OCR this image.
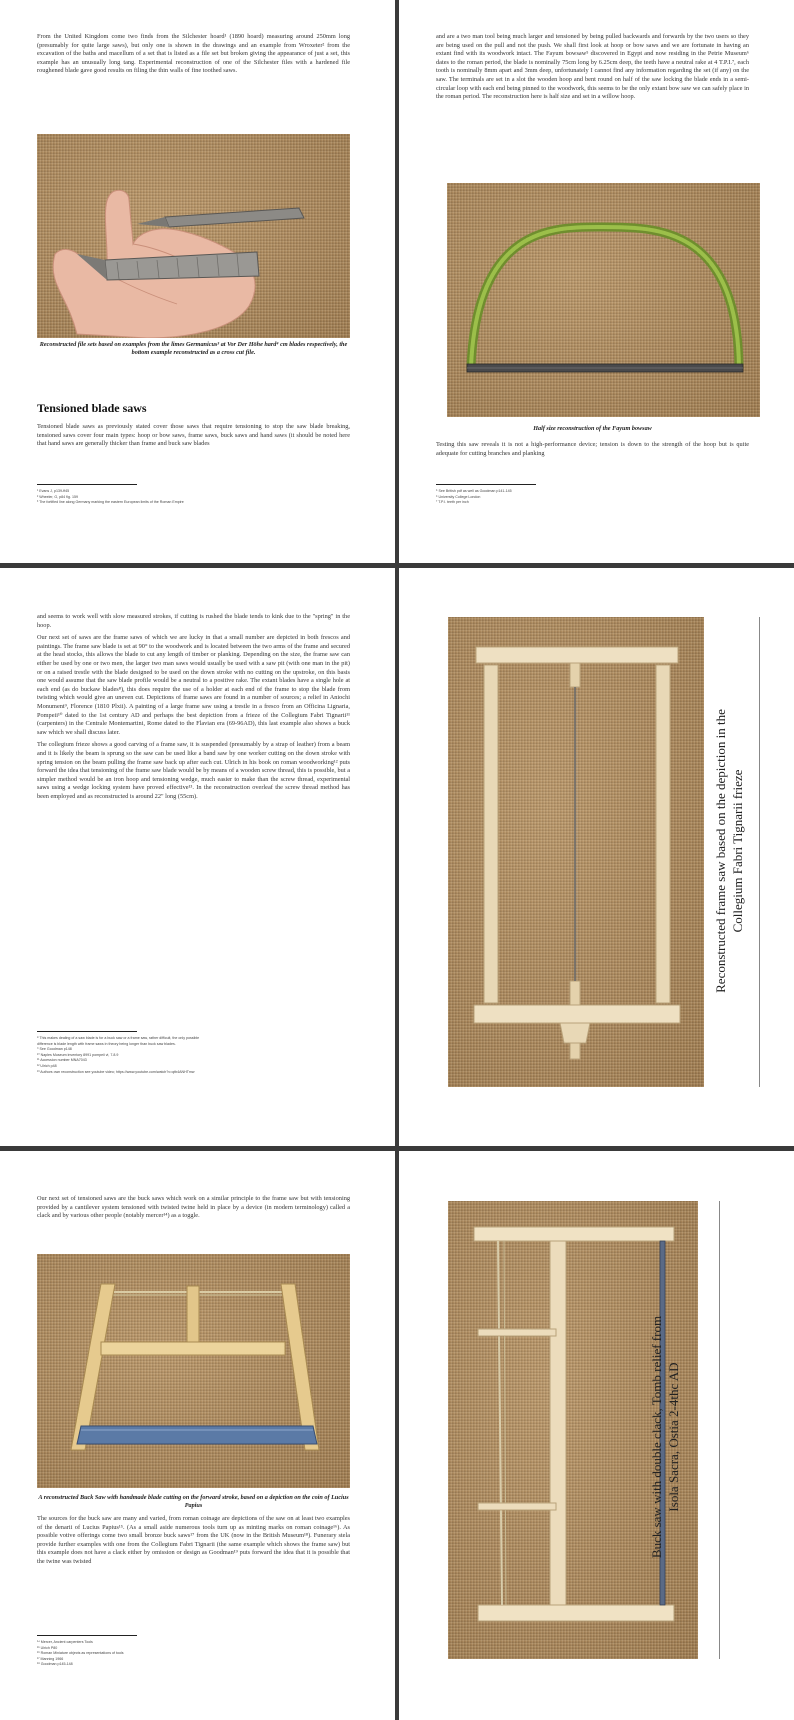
From the United Kingdom come two finds from the Silchester hoard¹ (1890 hoard) measuring around 250mm long (presumably for quite large saws), but only one is shown in the drawings and an example from Wroxeter² from the excavation of the baths and macellum of a set that is listed as a file set but broken giving the appearance of just a set, this example has an unusually long tang. Experimental reconstruction of one of the Silchester files with a hardened file roughened blade gave good results on filing the thin walls of fine toothed saws.
Reconstructed file sets based on examples from the limes Germanicus³ at Vor Der Höhe hard⁴ cm blades respectively, the bottom example reconstructed as a cross cut file.
Tensioned blade saws
Tensioned blade saws as previously stated cover those saws that require tensioning to stop the saw blade breaking, tensioned saws cover four main types: hoop or bow saws, frame saws, buck saws and hand saws (it should be noted here that hand saws are generally thicker than frame and buck saw blades
¹ Evans J, p139-ff45
² Wheeler, G, p84 fig. 159
³ The fortified line along Germany marking the eastern European limits of the Roman Empire
and are a two man tool being much larger and tensioned by being pulled backwards and forwards by the two users so they are being used on the pull and not the push. We shall first look at hoop or bow saws and we are fortunate in having an extant find with its woodwork intact. The Fayum bowsaw⁵ discovered in Egypt and now residing in the Petrie Museum⁶ dates to the roman period, the blade is nominally 75cm long by 6.25cm deep, the teeth have a neutral rake at 4 T.P.I.⁷, each tooth is nominally 8mm apart and 3mm deep, unfortunately I cannot find any information regarding the set (if any) on the saw. The terminals are set in a slot the wooden hoop and bent round on half of the saw locking the blade ends in a semi-circular loop with each end being pinned to the woodwork, this seems to be the only extant bow saw we can safely place in the roman period. The reconstruction here is half size and set in a willow hoop.
Half size reconstruction of the Fayum bowsaw
Testing this saw reveals it is not a high-performance device; tension is down to the strength of the hoop but is quite adequate for cutting branches and planking
⁵ See British pdf as well as Goodman p141-145
⁶ University College London
⁷ T.P.I. teeth per inch

and seems to work well with slow measured strokes, if cutting is rushed the blade tends to kink due to the "spring" in the hoop.

Our next set of saws are the frame saws of which we are lucky in that a small number are depicted in both frescos and paintings. The frame saw blade is set at 90° to the woodwork and is located between the two arms of the frame and secured at the head stocks, this allows the blade to cut any length of timber or planking. Depending on the size, the frame saw can either be used by one or two men, the larger two man saws would usually be used with a saw pit (with one man in the pit) or on a raised trestle with the blade designed to be used on the down stroke with no cutting on the upstroke, on this basis one would assume that the saw blade profile would be a neutral to a positive rake. The extant blades have a single hole at each end (as do buckaw blades⁸), this does require the use of a holder at each end of the frame to stop the blade from twisting which would give an uneven cut. Depictions of frame saws are found in a number of sources; a relief in Aniochi Monument⁹, Florence (1810 Plxii). A painting of a large frame saw using a trestle in a fresco from an Officina Lignaria, Pompeii¹⁰ dated to the 1st century AD and perhaps the best depiction from a frieze of the Collegium Fabri Tignarii¹¹ (carpenters) in the Centrale Montemartini, Rome dated to the Flavian era (69-96AD), this last example also shows a buck saw which we shall discuss later.

The collegium frieze shows a good carving of a frame saw, it is suspended (presumably by a strap of leather) from a beam and it is likely the beam is sprung so the saw can be used like a band saw by one worker cutting on the down stroke with spring tension on the beam pulling the frame saw back up after each cut. Ulrich in his book on roman woodworking¹² puts forward the idea that tensioning of the frame saw blade would be by means of a wooden screw thread, this is possible, but a simpler method would be an iron hoop and tensioning wedge, much easier to make than the screw thread, experimental saws using a wedge locking system have proved effective¹³. In the reconstruction overleaf the screw thread method has been employed and as reconstructed is around 22" long (55cm).

⁸ This makes dealing of a saw blade is for a buck saw or a frame saw, rather difficult, the only possible
difference is blade length with frame saws in theory being longer than buck saw blades.
⁹ See Goodman p148
¹⁰ Naples Museum inventory 8991 pompeii vi, 7.8.9
¹¹ Accession number MNA7043
¹² Ulrich p48
¹³ Authors own reconstruction see youtube video; https://www.youtube.com/watch?v=qtb4ANHTmw
Reconstructed frame saw based on the depiction in the Collegium Fabri Tignarii frieze
Our next set of tensioned saws are the buck saws which work on a similar principle to the frame saw but with tensioning provided by a cantilever system tensioned with twisted twine held in place by a device (in modern terminology) called a clack and by various other people (notably mercer¹⁴) as a toggle.
A reconstructed Buck Saw with handmade blade cutting on the forward stroke, based on a depiction on the coin of Lucius Papius
The sources for the buck saw are many and varied, from roman coinage are depictions of the saw on at least two examples of the denarii of Lucius Papius¹⁵. (As a small aside numerous tools turn up as minting marks on roman coinage¹⁶). As possible votive offerings come two small bronze buck saws¹⁷ from the UK (now in the British Museum¹⁸). Funerary stela provide further examples with one from the Collegium Fabri Tignarii (the same example which shows the frame saw) but this example does not have a clack either by omission or design as Goodman¹⁹ puts forward the idea that it is possible that the twine was twisted
¹⁴ Mercer, Ancient carpenters Tools
¹⁵ Ulrich P80
¹⁶ Roman Miniature objects as representations of tools
¹⁷ Manning 1966
¹⁸ Goodman p145-148
Buck saw with double clack, Tomb relief from Isola Sacra, Ostia 2-4thc AD
